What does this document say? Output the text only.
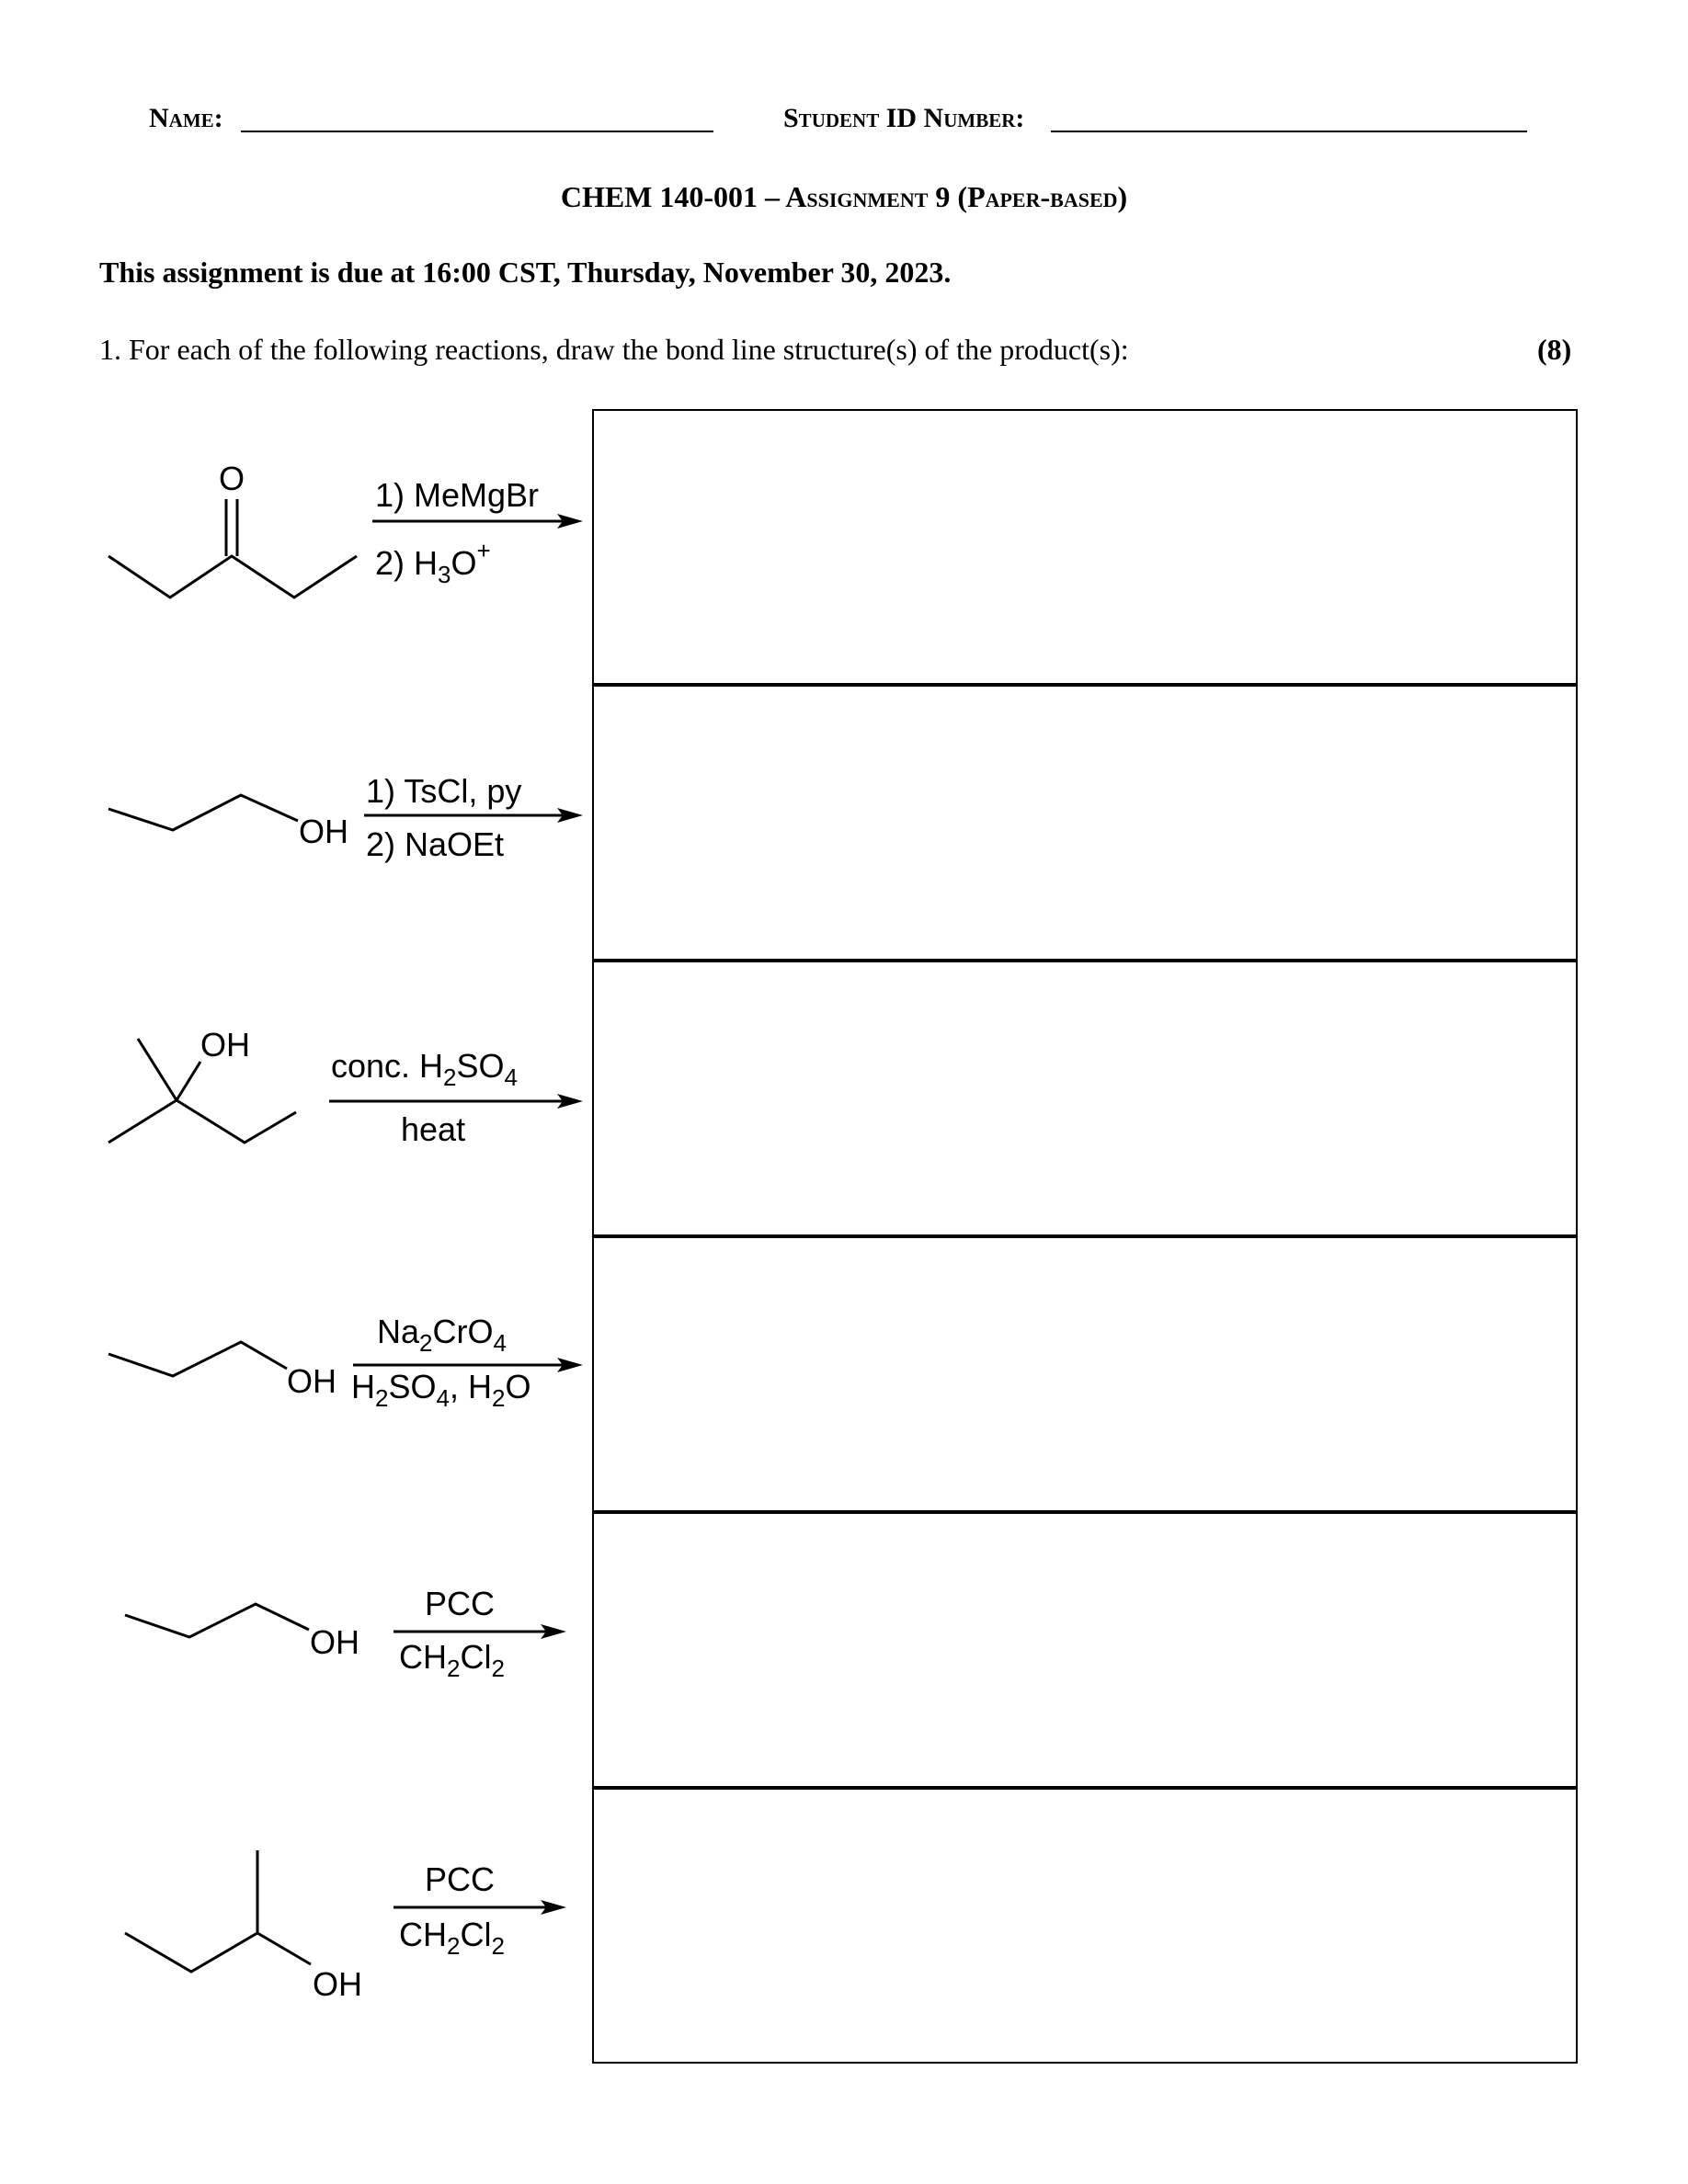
Name:	Student ID Number:
CHEM 140-001 – Assignment 9 (Paper-based)
This assignment is due at 16:00 CST, Thursday, November 30, 2023.
1. For each of the following reactions, draw the bond line structure(s) of the product(s):	(8)
O	1) MeMgBr
2) $H_3O^+$
OH
1) TsCl, py
2) NaOEt
OH
conc. $H_2SO_4$
heat
OH
$Na_2CrO_4$
$H_2SO_4$, $H_2O$
OH
PCC
$CH_2Cl_2$
OH
PCC
$CH_2Cl_2$
